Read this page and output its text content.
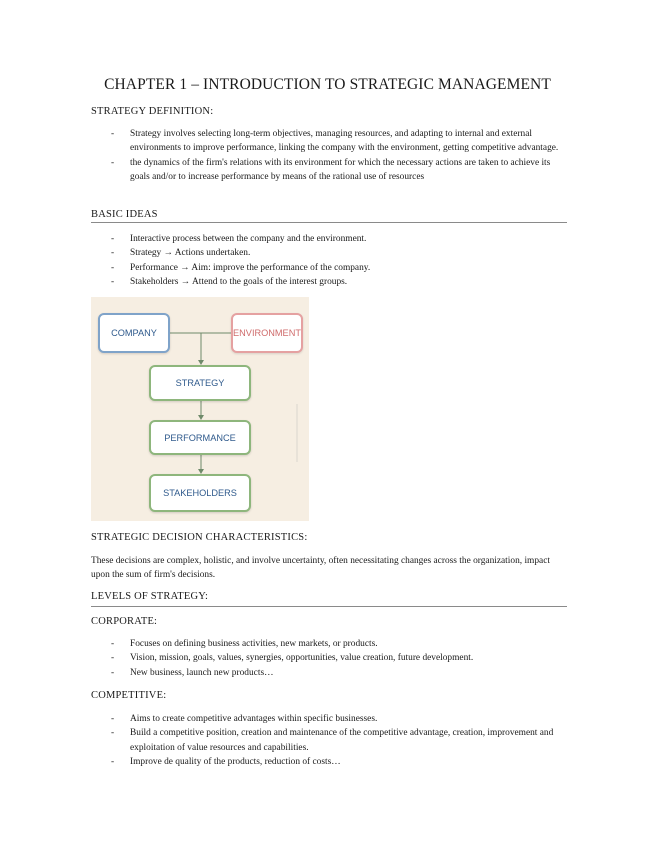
CHAPTER 1 – INTRODUCTION TO STRATEGIC MANAGEMENT
STRATEGY DEFINITION:
- Strategy involves selecting long-term objectives, managing resources, and adapting to internal and external environments to improve performance, linking the company with the environment, getting competitive advantage.
- the dynamics of the firm's relations with its environment for which the necessary actions are taken to achieve its goals and/or to increase performance by means of the rational use of resources
BASIC IDEAS
- Interactive process between the company and the environment.
- Strategy → Actions undertaken.
- Performance → Aim: improve the performance of the company.
- Stakeholders → Attend to the goals of the interest groups.
COMPANY	ENVIRONMENT
STRATEGY
PERFORMANCE
STAKEHOLDERS
STRATEGIC DECISION CHARACTERISTICS:
These decisions are complex, holistic, and involve uncertainty, often necessitating changes across the organization, impact upon the sum of firm's decisions.
LEVELS OF STRATEGY:
CORPORATE:
- Focuses on defining business activities, new markets, or products.
- Vision, mission, goals, values, synergies, opportunities, value creation, future development.
- New business, launch new products…
COMPETITIVE:
- Aims to create competitive advantages within specific businesses.
- Build a competitive position, creation and maintenance of the competitive advantage, creation, improvement and exploitation of value resources and capabilities.
- Improve de quality of the products, reduction of costs…
